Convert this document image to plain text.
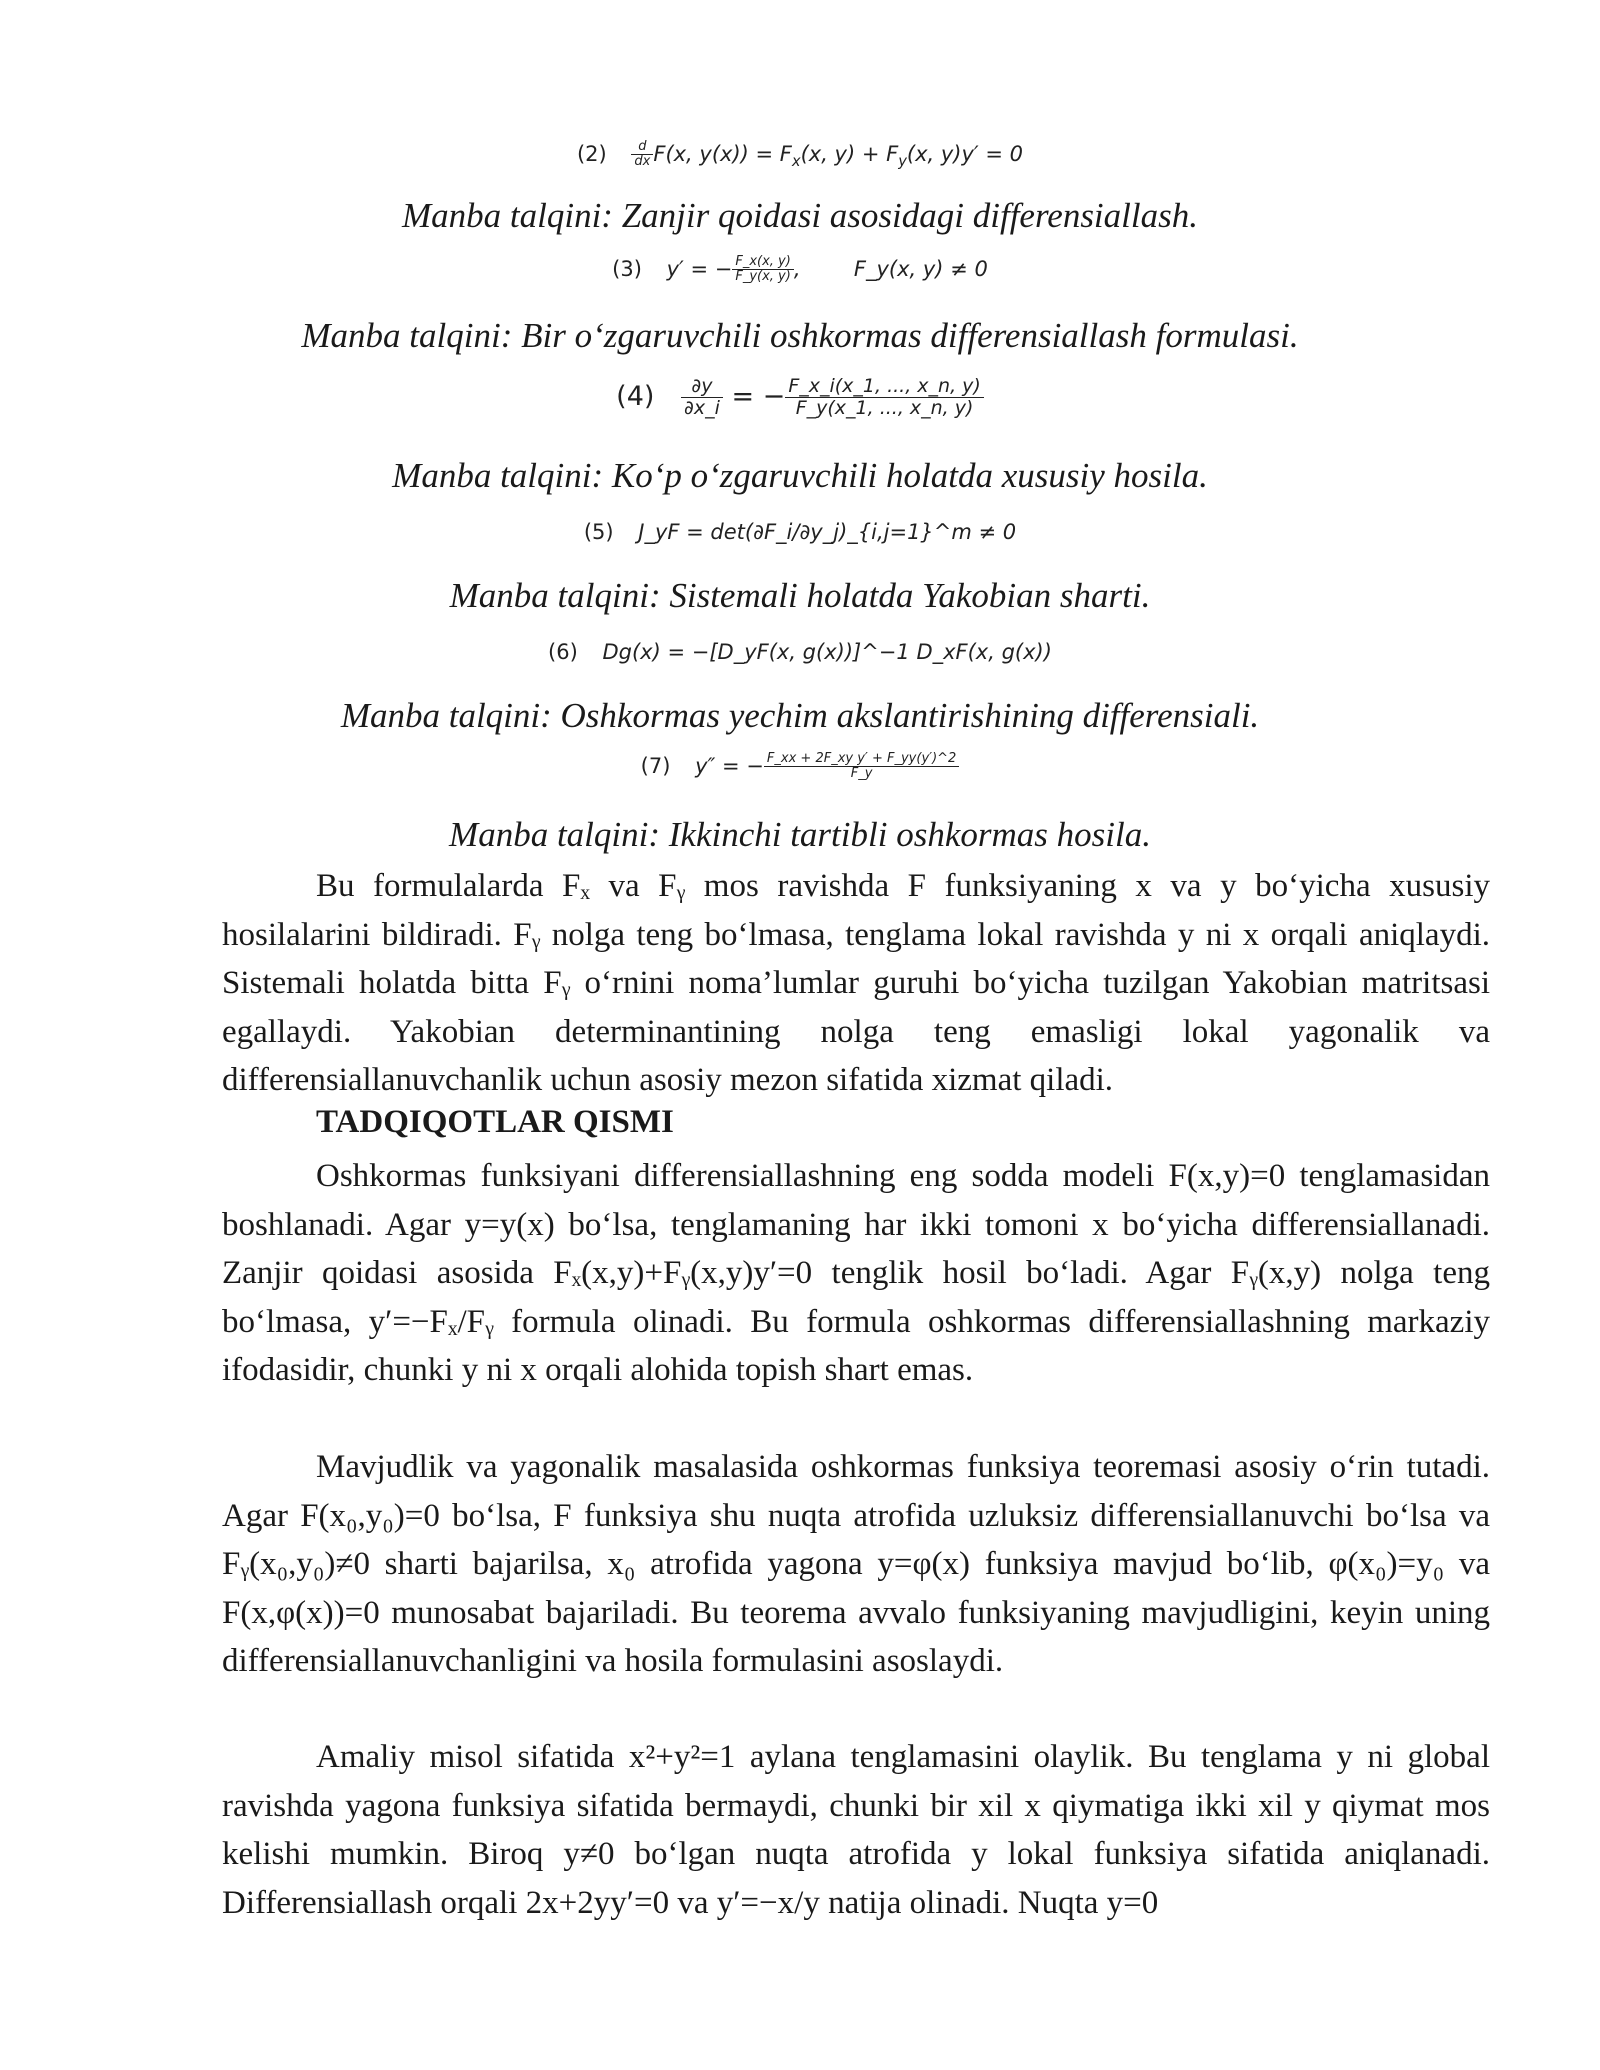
$(2) \frac{d}{dx} F(x$, $y(x)) = F_x(x$, $y) + F_y(x$, y)y′ = 0
Manba talqini: Zanjir qoidasi asosidagi differensiallash.
(3) y′ = − $\frac{F\_x(x, y)}{F\_y(x, y)}$ ,        F_y(x, y) ≠ 0
Manba talqini: Bir o‘zgaruvchili oshkormas differensiallash formulasi.
$(4) \frac{\partial y}{\partial x\_i}$ = − $\frac{F\_x\_i(x\_1, ..., x\_n, y)}{F\_y(x\_1, ..., x\_n, y)}$
Manba talqini: Ko‘p o‘zgaruvchili holatda xususiy hosila.
(5) J_yF = det(∂F_i/∂y_j)_{i,j=1}^m ≠ 0
Manba talqini: Sistemali holatda Yakobian sharti.
(6) Dg(x) = −[D_yF(x, g(x))]^−1 D_xF(x, g(x))
Manba talqini: Oshkormas yechim akslantirishining differensiali.
(7) y″ = − $\frac{\text{F\_xx + 2F\_xy y′ + F\_yy(y′)\textasciicircum{}2}}{F\_y}$
Manba talqini: Ikkinchi tartibli oshkormas hosila.

Bu formulalarda Fₓ va Fᵧ mos ravishda F funksiyaning x va y bo‘yicha xususiy hosilalarini bildiradi. Fᵧ nolga teng bo‘lmasa, tenglama lokal ravishda y ni x orqali aniqlaydi. Sistemali holatda bitta Fᵧ o‘rnini noma’lumlar guruhi bo‘yicha tuzilgan Yakobian matritsasi egallaydi. Yakobian determinantining nolga teng emasligi lokal yagonalik va differensiallanuvchanlik uchun asosiy mezon sifatida xizmat qiladi.

TADQIQOTLAR QISMI

Oshkormas funksiyani differensiallashning eng sodda modeli F(x,y)=0 tenglamasidan boshlanadi. Agar y=y(x) bo‘lsa, tenglamaning har ikki tomoni x bo‘yicha differensiallanadi. Zanjir qoidasi asosida Fₓ(x,y)+Fᵧ(x,y)y′=0 tenglik hosil bo‘ladi. Agar Fᵧ(x,y) nolga teng bo‘lmasa, y′=−Fₓ/Fᵧ formula olinadi. Bu formula oshkormas differensiallashning markaziy ifodasidir, chunki y ni x orqali alohida topish shart emas.

Mavjudlik va yagonalik masalasida oshkormas funksiya teoremasi asosiy o‘rin tutadi. Agar F(x₀,y₀)=0 bo‘lsa, F funksiya shu nuqta atrofida uzluksiz differensiallanuvchi bo‘lsa va Fᵧ(x₀,y₀)≠0 sharti bajarilsa, x₀ atrofida yagona y=φ(x) funksiya mavjud bo‘lib, φ(x₀)=y₀ va F(x,φ(x))=0 munosabat bajariladi. Bu teorema avvalo funksiyaning mavjudligini, keyin uning differensiallanuvchanligini va hosila formulasini asoslaydi.

Amaliy misol sifatida x²+y²=1 aylana tenglamasini olaylik. Bu tenglama y ni global ravishda yagona funksiya sifatida bermaydi, chunki bir xil x qiymatiga ikki xil y qiymat mos kelishi mumkin. Biroq y≠0 bo‘lgan nuqta atrofida y lokal funksiya sifatida aniqlanadi. Differensiallash orqali 2x+2yy′=0 va y′=−x/y natija olinadi. Nuqta y=0
